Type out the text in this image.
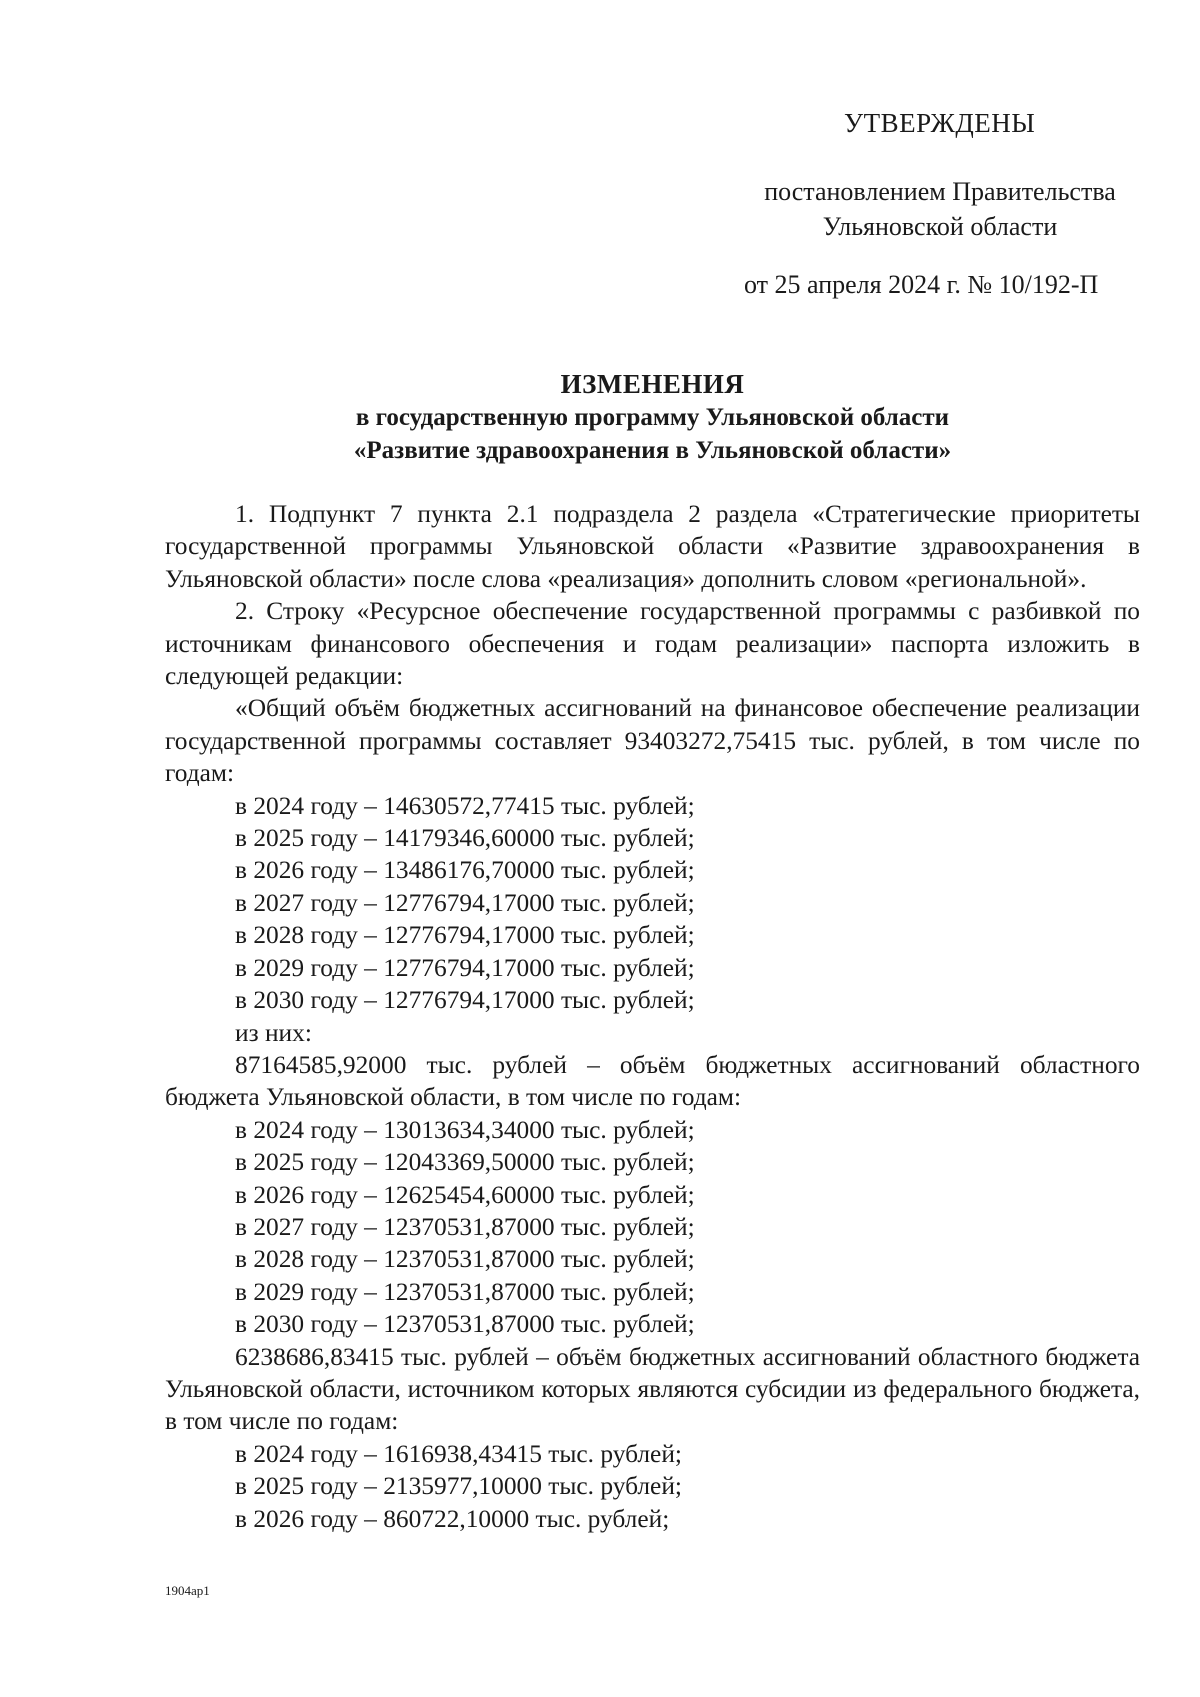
УТВЕРЖДЕНЫ
постановлением Правительства
Ульяновской области
от 25 апреля 2024 г. № 10/192-П
ИЗМЕНЕНИЯ
в государственную программу Ульяновской области
«Развитие здравоохранения в Ульяновской области»

1. Подпункт 7 пункта 2.1 подраздела 2 раздела «Стратегические приоритеты государственной программы Ульяновской области «Развитие здравоохранения в Ульяновской области» после слова «реализация» дополнить словом «региональной».

2. Строку «Ресурсное обеспечение государственной программы с разбивкой по источникам финансового обеспечения и годам реализации» паспорта изложить в следующей редакции:

«Общий объём бюджетных ассигнований на финансовое обеспечение реализации государственной программы составляет 93403272,75415 тыс. рублей, в том числе по годам:

в 2024 году – 14630572,77415 тыс. рублей;
в 2025 году – 14179346,60000 тыс. рублей;
в 2026 году – 13486176,70000 тыс. рублей;
в 2027 году – 12776794,17000 тыс. рублей;
в 2028 году – 12776794,17000 тыс. рублей;
в 2029 году – 12776794,17000 тыс. рублей;
в 2030 году – 12776794,17000 тыс. рублей;
из них:

87164585,92000 тыс. рублей – объём бюджетных ассигнований областного бюджета Ульяновской области, в том числе по годам:

в 2024 году – 13013634,34000 тыс. рублей;
в 2025 году – 12043369,50000 тыс. рублей;
в 2026 году – 12625454,60000 тыс. рублей;
в 2027 году – 12370531,87000 тыс. рублей;
в 2028 году – 12370531,87000 тыс. рублей;
в 2029 году – 12370531,87000 тыс. рублей;
в 2030 году – 12370531,87000 тыс. рублей;

6238686,83415 тыс. рублей – объём бюджетных ассигнований областного бюджета Ульяновской области, источником которых являются субсидии из федерального бюджета, в том числе по годам:

в 2024 году – 1616938,43415 тыс. рублей;
в 2025 году – 2135977,10000 тыс. рублей;
в 2026 году – 860722,10000 тыс. рублей;
1904ap1
